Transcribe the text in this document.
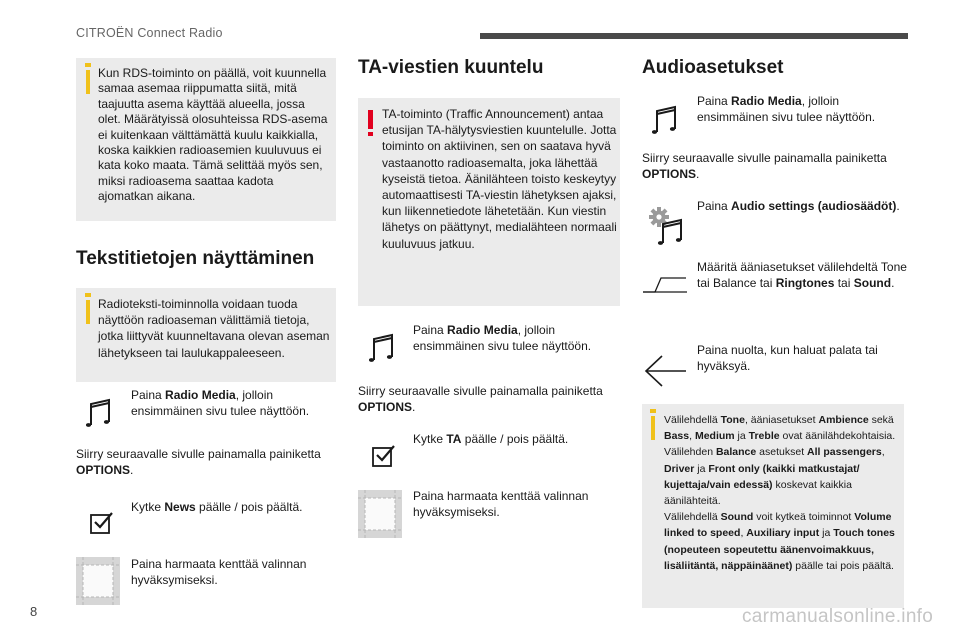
CITROËN Connect Radio
Kun RDS-toiminto on päällä, voit kuunnella samaa asemaa riippumatta siitä, mitä taajuutta asema käyttää alueella, jossa olet. Määrätyissä olosuhteissa RDS-asema ei kuitenkaan välttämättä kuulu kaikkialla, koska kaikkien radioasemien kuuluvuus ei kata koko maata. Tämä selittää myös sen, miksi radioasema saattaa kadota ajomatkan aikana.
Tekstitietojen näyttäminen
Radioteksti-toiminnolla voidaan tuoda näyttöön radioaseman välittämiä tietoja, jotka liittyvät kuunneltavana olevan aseman lähetykseen tai laulukappaleeseen.
Paina Radio Media, jolloin ensimmäinen sivu tulee näyttöön.
Siirry seuraavalle sivulle painamalla painiketta OPTIONS.
Kytke News päälle / pois päältä.
Paina harmaata kenttää valinnan hyväksymiseksi.
TA-viestien kuuntelu
TA-toiminto (Traffic Announcement) antaa etusijan TA-hälytysviestien kuuntelulle. Jotta toiminto on aktiivinen, sen on saatava hyvä vastaanotto radioasemalta, joka lähettää kyseistä tietoa. Äänilähteen toisto keskeytyy automaattisesti TA-viestin lähetyksen ajaksi, kun liikennetiedote lähetetään. Kun viestin lähetys on päättynyt, medialähteen normaali kuuluvuus jatkuu.
Paina Radio Media, jolloin ensimmäinen sivu tulee näyttöön.
Siirry seuraavalle sivulle painamalla painiketta OPTIONS.
Kytke TA päälle / pois päältä.
Paina harmaata kenttää valinnan hyväksymiseksi.
Audioasetukset
Paina Radio Media, jolloin ensimmäinen sivu tulee näyttöön.
Siirry seuraavalle sivulle painamalla painiketta OPTIONS.
Paina Audio settings (audiosäädöt).
Määritä ääniasetukset välilehdeltä Tone tai Balance tai Ringtones tai Sound.
Paina nuolta, kun haluat palata tai hyväksyä.
Välilehdellä Tone, ääniasetukset Ambience sekä Bass, Medium ja Treble ovat äänilähdekohtaisia.
Välilehden Balance asetukset All passengers, Driver ja Front only (kaikki matkustajat/ kujettaja/vain edessä) koskevat kaikkia äänilähteitä.
Välilehdellä Sound voit kytkeä toiminnot Volume linked to speed, Auxiliary input ja Touch tones (nopeuteen sopeutettu äänenvoimakkuus, lisäliitäntä, näppäinäänet) päälle tai pois päältä.
8	carmanualsonline.info
